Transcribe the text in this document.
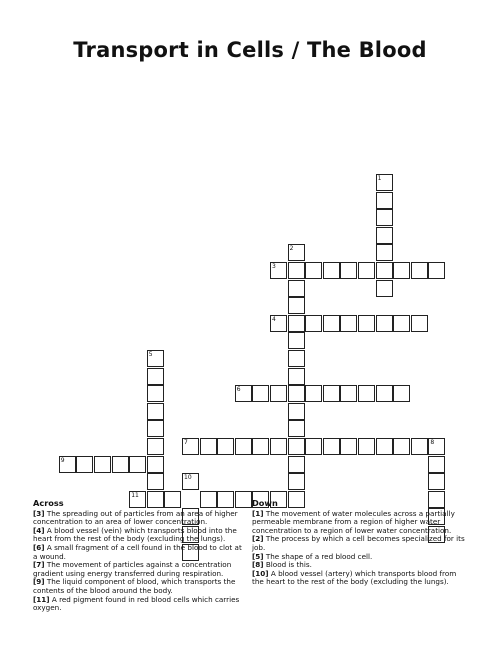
Transport in Cells / The Blood
1
2
3
4
5
6
7	8
9
10
11
Across

[3] The spreading out of particles from an area of higher concentration to an area of lower concentration.

[4] A blood vessel (vein) which transports blood into the heart from the rest of the body (excluding the lungs).

[6] A small fragment of a cell found in the blood to clot at a wound.

[7] The movement of particles against a concentration gradient using energy transferred during respiration.

[9] The liquid component of blood, which transports the contents of the blood around the body.

[11] A red pigment found in red blood cells which carries oxygen.

Down

[1] The movement of water molecules across a partially permeable membrane from a region of higher water concentration to a region of lower water concentration.

[2] The process by which a cell becomes specialized for its job.

[5] The shape of a red blood cell.

[8] Blood is this.

[10] A blood vessel (artery) which transports blood from the heart to the rest of the body (excluding the lungs).
